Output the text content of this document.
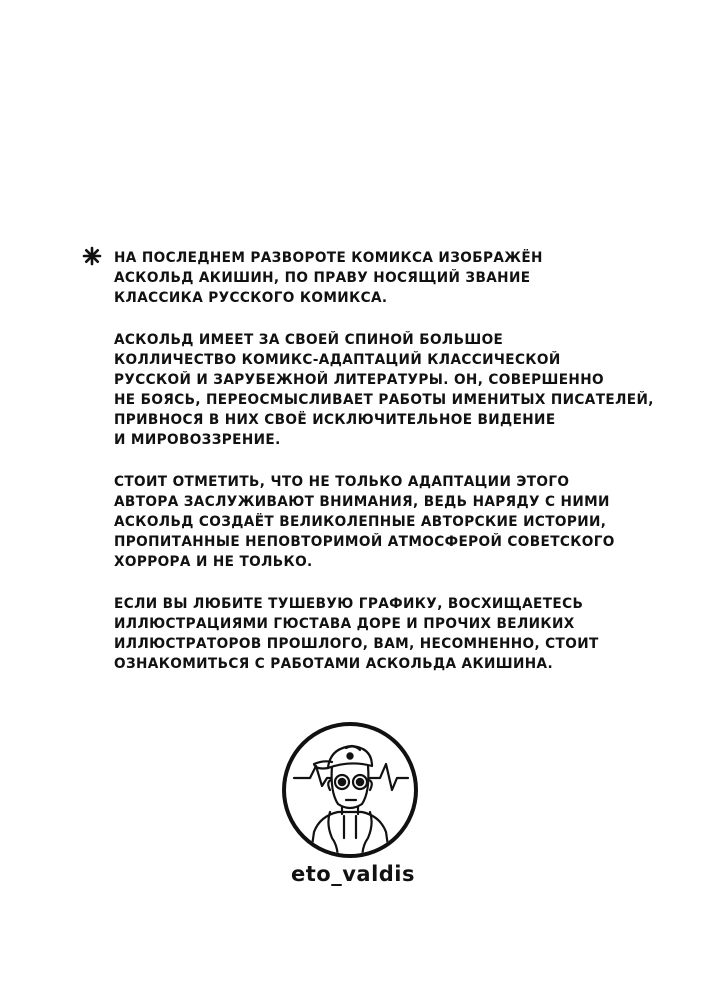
НА ПОСЛЕДНЕМ РАЗВОРОТЕ КОМИКСА ИЗОБРАЖЁН
АСКОЛЬД АКИШИН, ПО ПРАВУ НОСЯЩИЙ ЗВАНИЕ
КЛАССИКА РУССКОГО КОМИКСА.
АСКОЛЬД ИМЕЕТ ЗА СВОЕЙ СПИНОЙ БОЛЬШОЕ
КОЛЛИЧЕСТВО КОМИКС-АДАПТАЦИЙ КЛАССИЧЕСКОЙ
РУССКОЙ И ЗАРУБЕЖНОЙ ЛИТЕРАТУРЫ. ОН, СОВЕРШЕННО
НЕ БОЯСЬ, ПЕРЕОСМЫСЛИВАЕТ РАБОТЫ ИМЕНИТЫХ ПИСАТЕЛЕЙ,
ПРИВНОСЯ В НИХ СВОЁ ИСКЛЮЧИТЕЛЬНОЕ ВИДЕНИЕ
И МИРОВОЗЗРЕНИЕ.
СТОИТ ОТМЕТИТЬ, ЧТО НЕ ТОЛЬКО АДАПТАЦИИ ЭТОГО
АВТОРА ЗАСЛУЖИВАЮТ ВНИМАНИЯ, ВЕДЬ НАРЯДУ С НИМИ
АСКОЛЬД СОЗДАЁТ ВЕЛИКОЛЕПНЫЕ АВТОРСКИЕ ИСТОРИИ,
ПРОПИТАННЫЕ НЕПОВТОРИМОЙ АТМОСФЕРОЙ СОВЕТСКОГО
ХОРРОРА И НЕ ТОЛЬКО.
ЕСЛИ ВЫ ЛЮБИТЕ ТУШЕВУЮ ГРАФИКУ, ВОСХИЩАЕТЕСЬ
ИЛЛЮСТРАЦИЯМИ ГЮСТАВА ДОРЕ И ПРОЧИХ ВЕЛИКИХ
ИЛЛЮСТРАТОРОВ ПРОШЛОГО, ВАМ, НЕСОМНЕННО, СТОИТ
ОЗНАКОМИТЬСЯ С РАБОТАМИ АСКОЛЬДА АКИШИНА.
eto_valdis
